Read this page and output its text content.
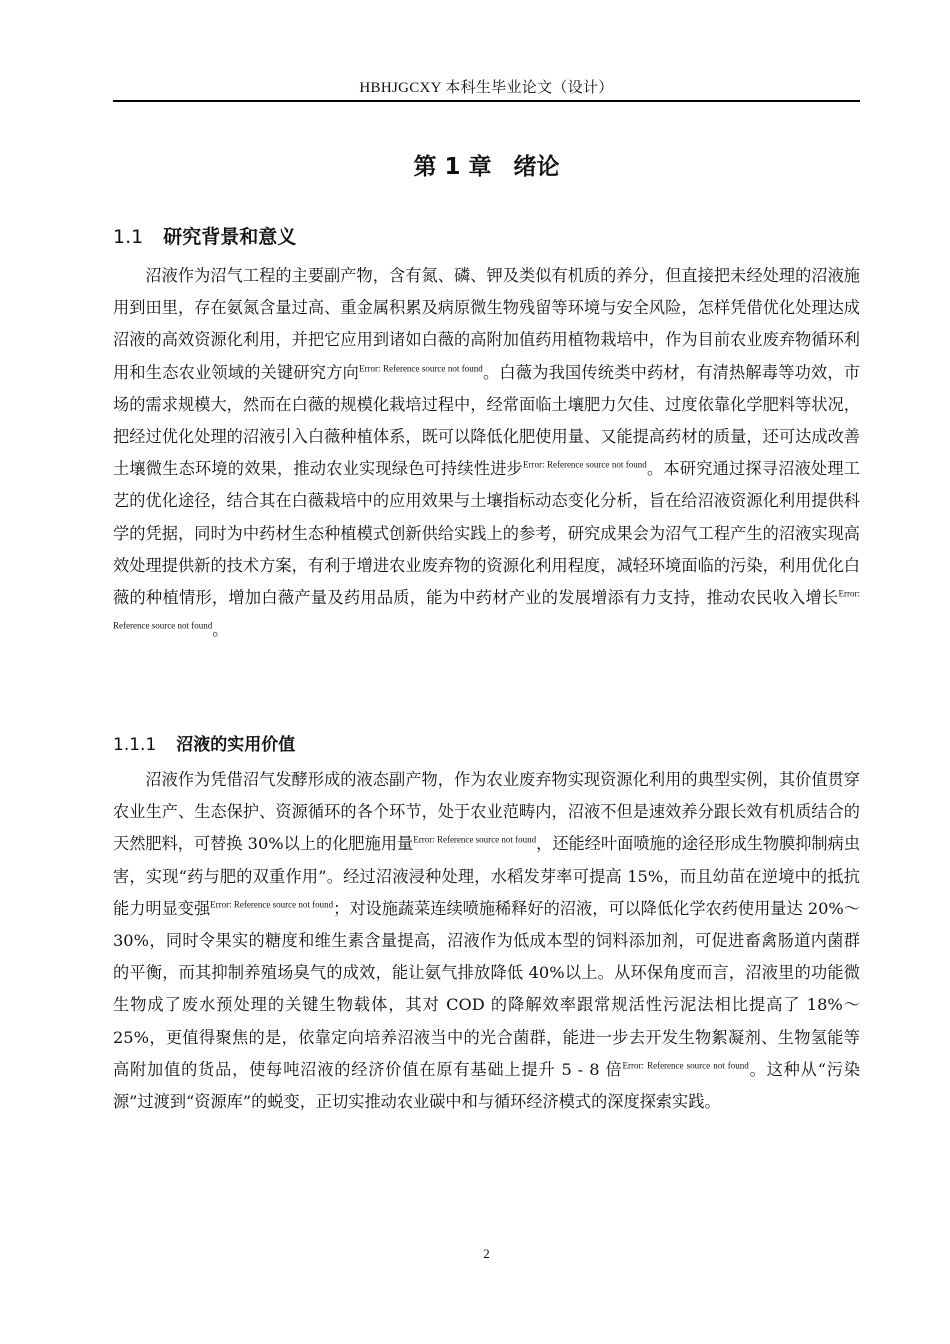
HBHJGCXY 本科生毕业论文（设计）
第 1 章 绪论
1.1 研究背景和意义

沼液作为沼气工程的主要副产物，含有氮、磷、钾及类似有机质的养分，但直接把未经处理的沼液施用到田里，存在氨氮含量过高、重金属积累及病原微生物残留等环境与安全风险，怎样凭借优化处理达成沼液的高效资源化利用，并把它应用到诸如白薇的高附加值药用植物栽培中，作为目前农业废弃物循环利用和生态农业领域的关键研究方向$^{Error: Reference source not found}$。白薇为我国传统类中药材，有清热解毒等功效，市场的需求规模大，然而在白薇的规模化栽培过程中，经常面临土壤肥力欠佳、过度依靠化学肥料等状况，把经过优化处理的沼液引入白薇种植体系，既可以降低化肥使用量、又能提高药材的质量，还可达成改善土壤微生态环境的效果，推动农业实现绿色可持续性进步$^{Error: Reference source not found}$。本研究通过探寻沼液处理工艺的优化途径，结合其在白薇栽培中的应用效果与土壤指标动态变化分析，旨在给沼液资源化利用提供科学的凭据，同时为中药材生态种植模式创新供给实践上的参考，研究成果会为沼气工程产生的沼液实现高效处理提供新的技术方案，有利于增进农业废弃物的资源化利用程度，减轻环境面临的污染，利用优化白薇的种植情形，增加白薇产量及药用品质，能为中药材产业的发展增添有力支持，推动农民收入增长$^{Error: Reference source not found}$。

1.1.1 沼液的实用价值

沼液作为凭借沼气发酵形成的液态副产物，作为农业废弃物实现资源化利用的典型实例，其价值贯穿农业生产、生态保护、资源循环的各个环节，处于农业范畴内，沼液不但是速效养分跟长效有机质结合的天然肥料，可替换 30%以上的化肥施用量$^{Error: Reference source not found}$，还能经叶面喷施的途径形成生物膜抑制病虫害，实现“药与肥的双重作用”。经过沼液浸种处理，水稻发芽率可提高 15%，而且幼苗在逆境中的抵抗能力明显变强$^{Error: Reference source not found}$；对设施蔬菜连续喷施稀释好的沼液，可以降低化学农药使用量达 20%～30%，同时令果实的糖度和维生素含量提高，沼液作为低成本型的饲料添加剂，可促进畜禽肠道内菌群的平衡，而其抑制养殖场臭气的成效，能让氨气排放降低 40%以上。从环保角度而言，沼液里的功能微生物成了废水预处理的关键生物载体，其对 COD 的降解效率跟常规活性污泥法相比提高了 18%～25%，更值得聚焦的是，依靠定向培养沼液当中的光合菌群，能进一步去开发生物絮凝剂、生物氢能等高附加值的货品，使每吨沼液的经济价值在原有基础上提升 5 - 8 倍$^{Error: Reference source not found}$。这种从“污染源”过渡到“资源库”的蜕变，正切实推动农业碳中和与循环经济模式的深度探索实践。

2
